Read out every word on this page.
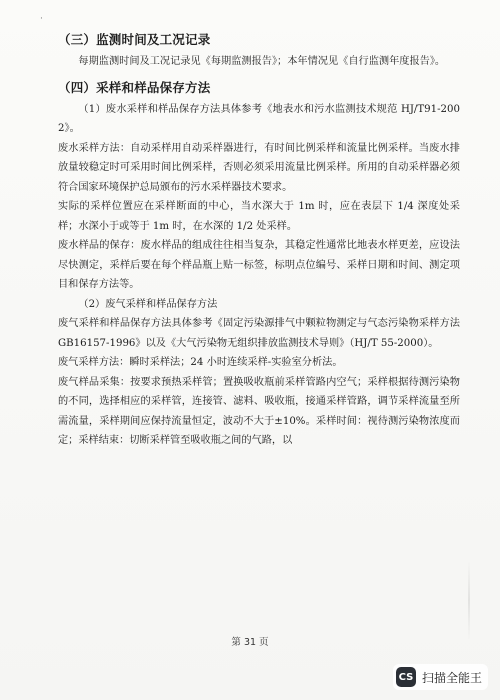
·
（三）监测时间及工况记录

每期监测时间及工况记录见《每期监测报告》；本年情况见《自行监测年度报告》。

（四）采样和样品保存方法

（1）废水采样和样品保存方法具体参考《地表水和污水监测技术规范 HJ/T91-2002》。

废水采样方法：自动采样用自动采样器进行，有时间比例采样和流量比例采样。当废水排放量较稳定时可采用时间比例采样，否则必须采用流量比例采样。所用的自动采样器必须符合国家环境保护总局颁布的污水采样器技术要求。

实际的采样位置应在采样断面的中心，当水深大于 1m 时，应在表层下 1/4 深度处采样；水深小于或等于 1m 时，在水深的 1/2 处采样。

废水样品的保存：废水样品的组成往往相当复杂，其稳定性通常比地表水样更差，应设法尽快测定，采样后要在每个样品瓶上贴一标签，标明点位编号、采样日期和时间、测定项目和保存方法等。

（2）废气采样和样品保存方法

废气采样和样品保存方法具体参考《固定污染源排气中颗粒物测定与气态污染物采样方法 GB16157-1996》以及《大气污染物无组织排放监测技术导则》（HJ/T 55-2000）。

废气采样方法：瞬时采样法；24 小时连续采样-实验室分析法。

废气样品采集：按要求预热采样管；置换吸收瓶前采样管路内空气；采样根据待测污染物的不同，选择相应的采样管，连接管、滤料、吸收瓶，接通采样管路，调节采样流量至所需流量，采样期间应保持流量恒定，波动不大于±10%。采样时间：视待测污染物浓度而定；采样结束：切断采样管至吸收瓶之间的气路，以

第 31 页
CS 扫描全能王
